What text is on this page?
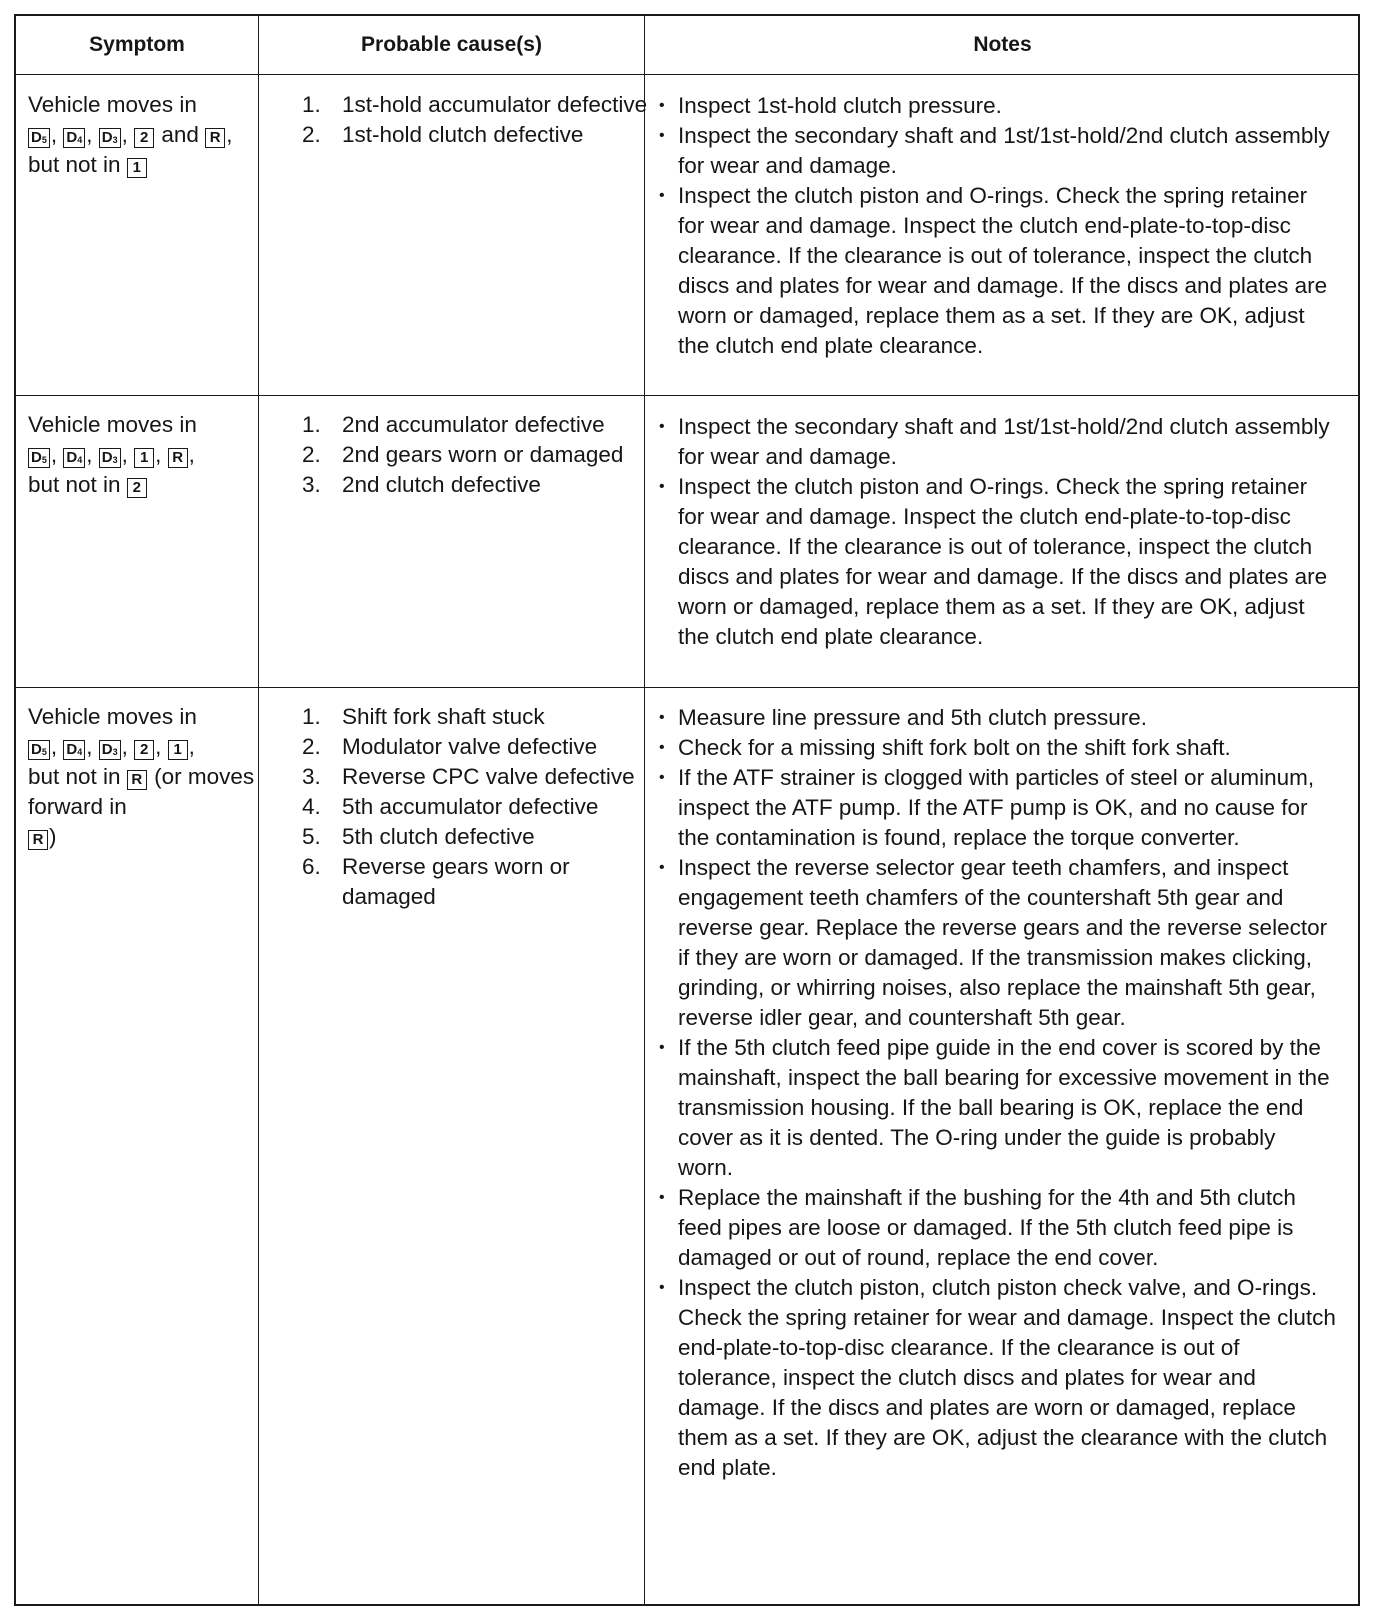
Symptom	Probable cause(s)	Notes
Vehicle moves in
$D_5$ , $D_4$ , $D_3$ , 2 and R ,
but not in 1
1. 1st-hold accumulator defective
2. 1st-hold clutch defective
• Inspect 1st-hold clutch pressure.
• Inspect the secondary shaft and 1st/1st-hold/2nd clutch assembly for wear and damage.
• Inspect the clutch piston and O-rings. Check the spring retainer for wear and damage. Inspect the clutch end-plate-to-top-disc clearance. If the clearance is out of tolerance, inspect the clutch discs and plates for wear and damage. If the discs and plates are worn or damaged, replace them as a set. If they are OK, adjust the clutch end plate clearance.
Vehicle moves in
$D_5$ , $D_4$ , $D_3$ , 1 , R ,
but not in 2
1. 2nd accumulator defective
2. 2nd gears worn or damaged
3. 2nd clutch defective
• Inspect the secondary shaft and 1st/1st-hold/2nd clutch assembly for wear and damage.
• Inspect the clutch piston and O-rings. Check the spring retainer for wear and damage. Inspect the clutch end-plate-to-top-disc clearance. If the clearance is out of tolerance, inspect the clutch discs and plates for wear and damage. If the discs and plates are worn or damaged, replace them as a set. If they are OK, adjust the clutch end plate clearance.
Vehicle moves in
$D_5$ , $D_4$ , $D_3$ , 2 , 1 ,
but not in R (or moves forward in
R )
1. Shift fork shaft stuck
2. Modulator valve defective
3. Reverse CPC valve defective
4. 5th accumulator defective
5. 5th clutch defective
6. Reverse gears worn or damaged
• Measure line pressure and 5th clutch pressure.
• Check for a missing shift fork bolt on the shift fork shaft.
• If the ATF strainer is clogged with particles of steel or aluminum, inspect the ATF pump. If the ATF pump is OK, and no cause for the contamination is found, replace the torque converter.
• Inspect the reverse selector gear teeth chamfers, and inspect engagement teeth chamfers of the countershaft 5th gear and reverse gear. Replace the reverse gears and the reverse selector if they are worn or damaged. If the transmission makes clicking, grinding, or whirring noises, also replace the mainshaft 5th gear, reverse idler gear, and countershaft 5th gear.
• If the 5th clutch feed pipe guide in the end cover is scored by the mainshaft, inspect the ball bearing for excessive movement in the transmission housing. If the ball bearing is OK, replace the end cover as it is dented. The O-ring under the guide is probably worn.
• Replace the mainshaft if the bushing for the 4th and 5th clutch feed pipes are loose or damaged. If the 5th clutch feed pipe is damaged or out of round, replace the end cover.
• Inspect the clutch piston, clutch piston check valve, and O-rings. Check the spring retainer for wear and damage. Inspect the clutch end-plate-to-top-disc clearance. If the clearance is out of tolerance, inspect the clutch discs and plates for wear and damage. If the discs and plates are worn or damaged, replace them as a set. If they are OK, adjust the clearance with the clutch end plate.
